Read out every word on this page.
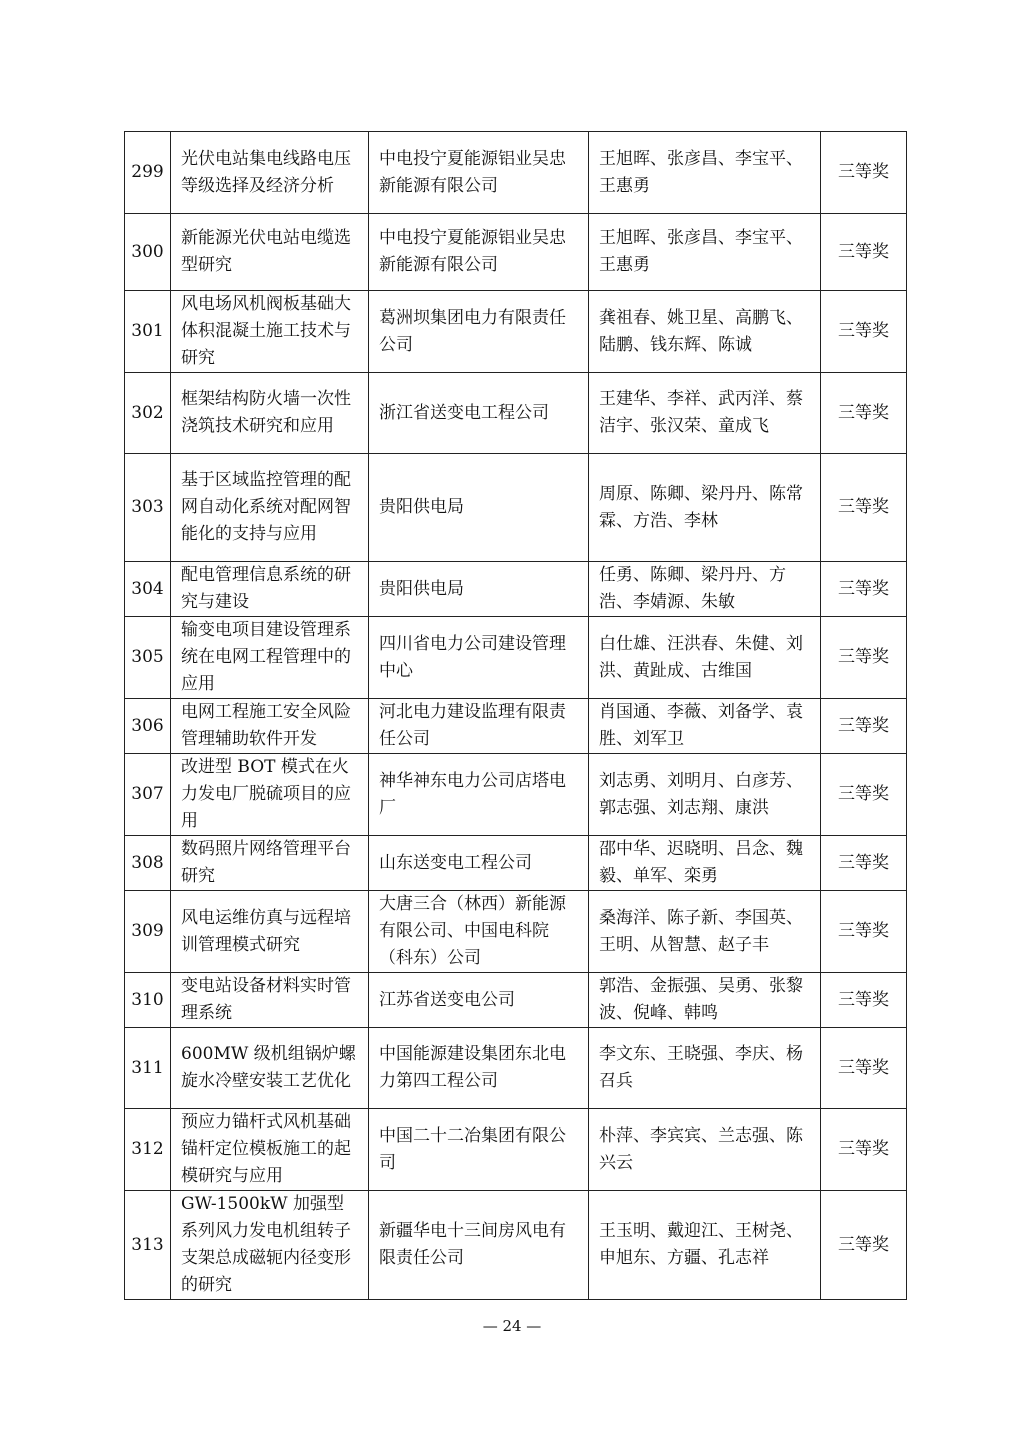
299	光伏电站集电线路电压等级选择及经济分析	中电投宁夏能源铝业吴忠新能源有限公司	王旭晖、张彦昌、李宝平、王惠勇	三等奖
300	新能源光伏电站电缆选型研究	中电投宁夏能源铝业吴忠新能源有限公司	王旭晖、张彦昌、李宝平、王惠勇	三等奖
301	风电场风机阀板基础大体积混凝土施工技术与研究	葛洲坝集团电力有限责任公司	龚祖春、姚卫星、高鹏飞、陆鹏、钱东辉、陈诚	三等奖
302	框架结构防火墙一次性浇筑技术研究和应用	浙江省送变电工程公司	王建华、李祥、武丙洋、蔡洁宇、张汉荣、童成飞	三等奖
303	基于区域监控管理的配网自动化系统对配网智能化的支持与应用	贵阳供电局	周原、陈卿、梁丹丹、陈常霖、方浩、李林	三等奖
304	配电管理信息系统的研究与建设	贵阳供电局	任勇、陈卿、梁丹丹、方浩、李婧源、朱敏	三等奖
305	输变电项目建设管理系统在电网工程管理中的应用	四川省电力公司建设管理中心	白仕雄、汪洪春、朱健、刘洪、黄趾成、古维国	三等奖
306	电网工程施工安全风险管理辅助软件开发	河北电力建设监理有限责任公司	肖国通、李薇、刘备学、袁胜、刘军卫	三等奖
307	改进型 BOT 模式在火力发电厂脱硫项目的应用	神华神东电力公司店塔电厂	刘志勇、刘明月、白彦芳、郭志强、刘志翔、康洪	三等奖
308	数码照片网络管理平台研究	山东送变电工程公司	邵中华、迟晓明、吕念、魏毅、单军、栾勇	三等奖
309	风电运维仿真与远程培训管理模式研究	大唐三合（林西）新能源有限公司、中国电科院（科东）公司	桑海洋、陈子新、李国英、王明、从智慧、赵子丰	三等奖
310	变电站设备材料实时管理系统	江苏省送变电公司	郭浩、金振强、吴勇、张黎波、倪峰、韩鸣	三等奖
311	600MW 级机组锅炉螺旋水冷壁安装工艺优化	中国能源建设集团东北电力第四工程公司	李文东、王晓强、李庆、杨召兵	三等奖
312	预应力锚杆式风机基础锚杆定位模板施工的起模研究与应用	中国二十二冶集团有限公司	朴萍、李宾宾、兰志强、陈兴云	三等奖
313	GW-1500kW 加强型系列风力发电机组转子支架总成磁轭内径变形的研究	新疆华电十三间房风电有限责任公司	王玉明、戴迎江、王树尧、申旭东、方疆、孔志祥	三等奖
— 24 —
